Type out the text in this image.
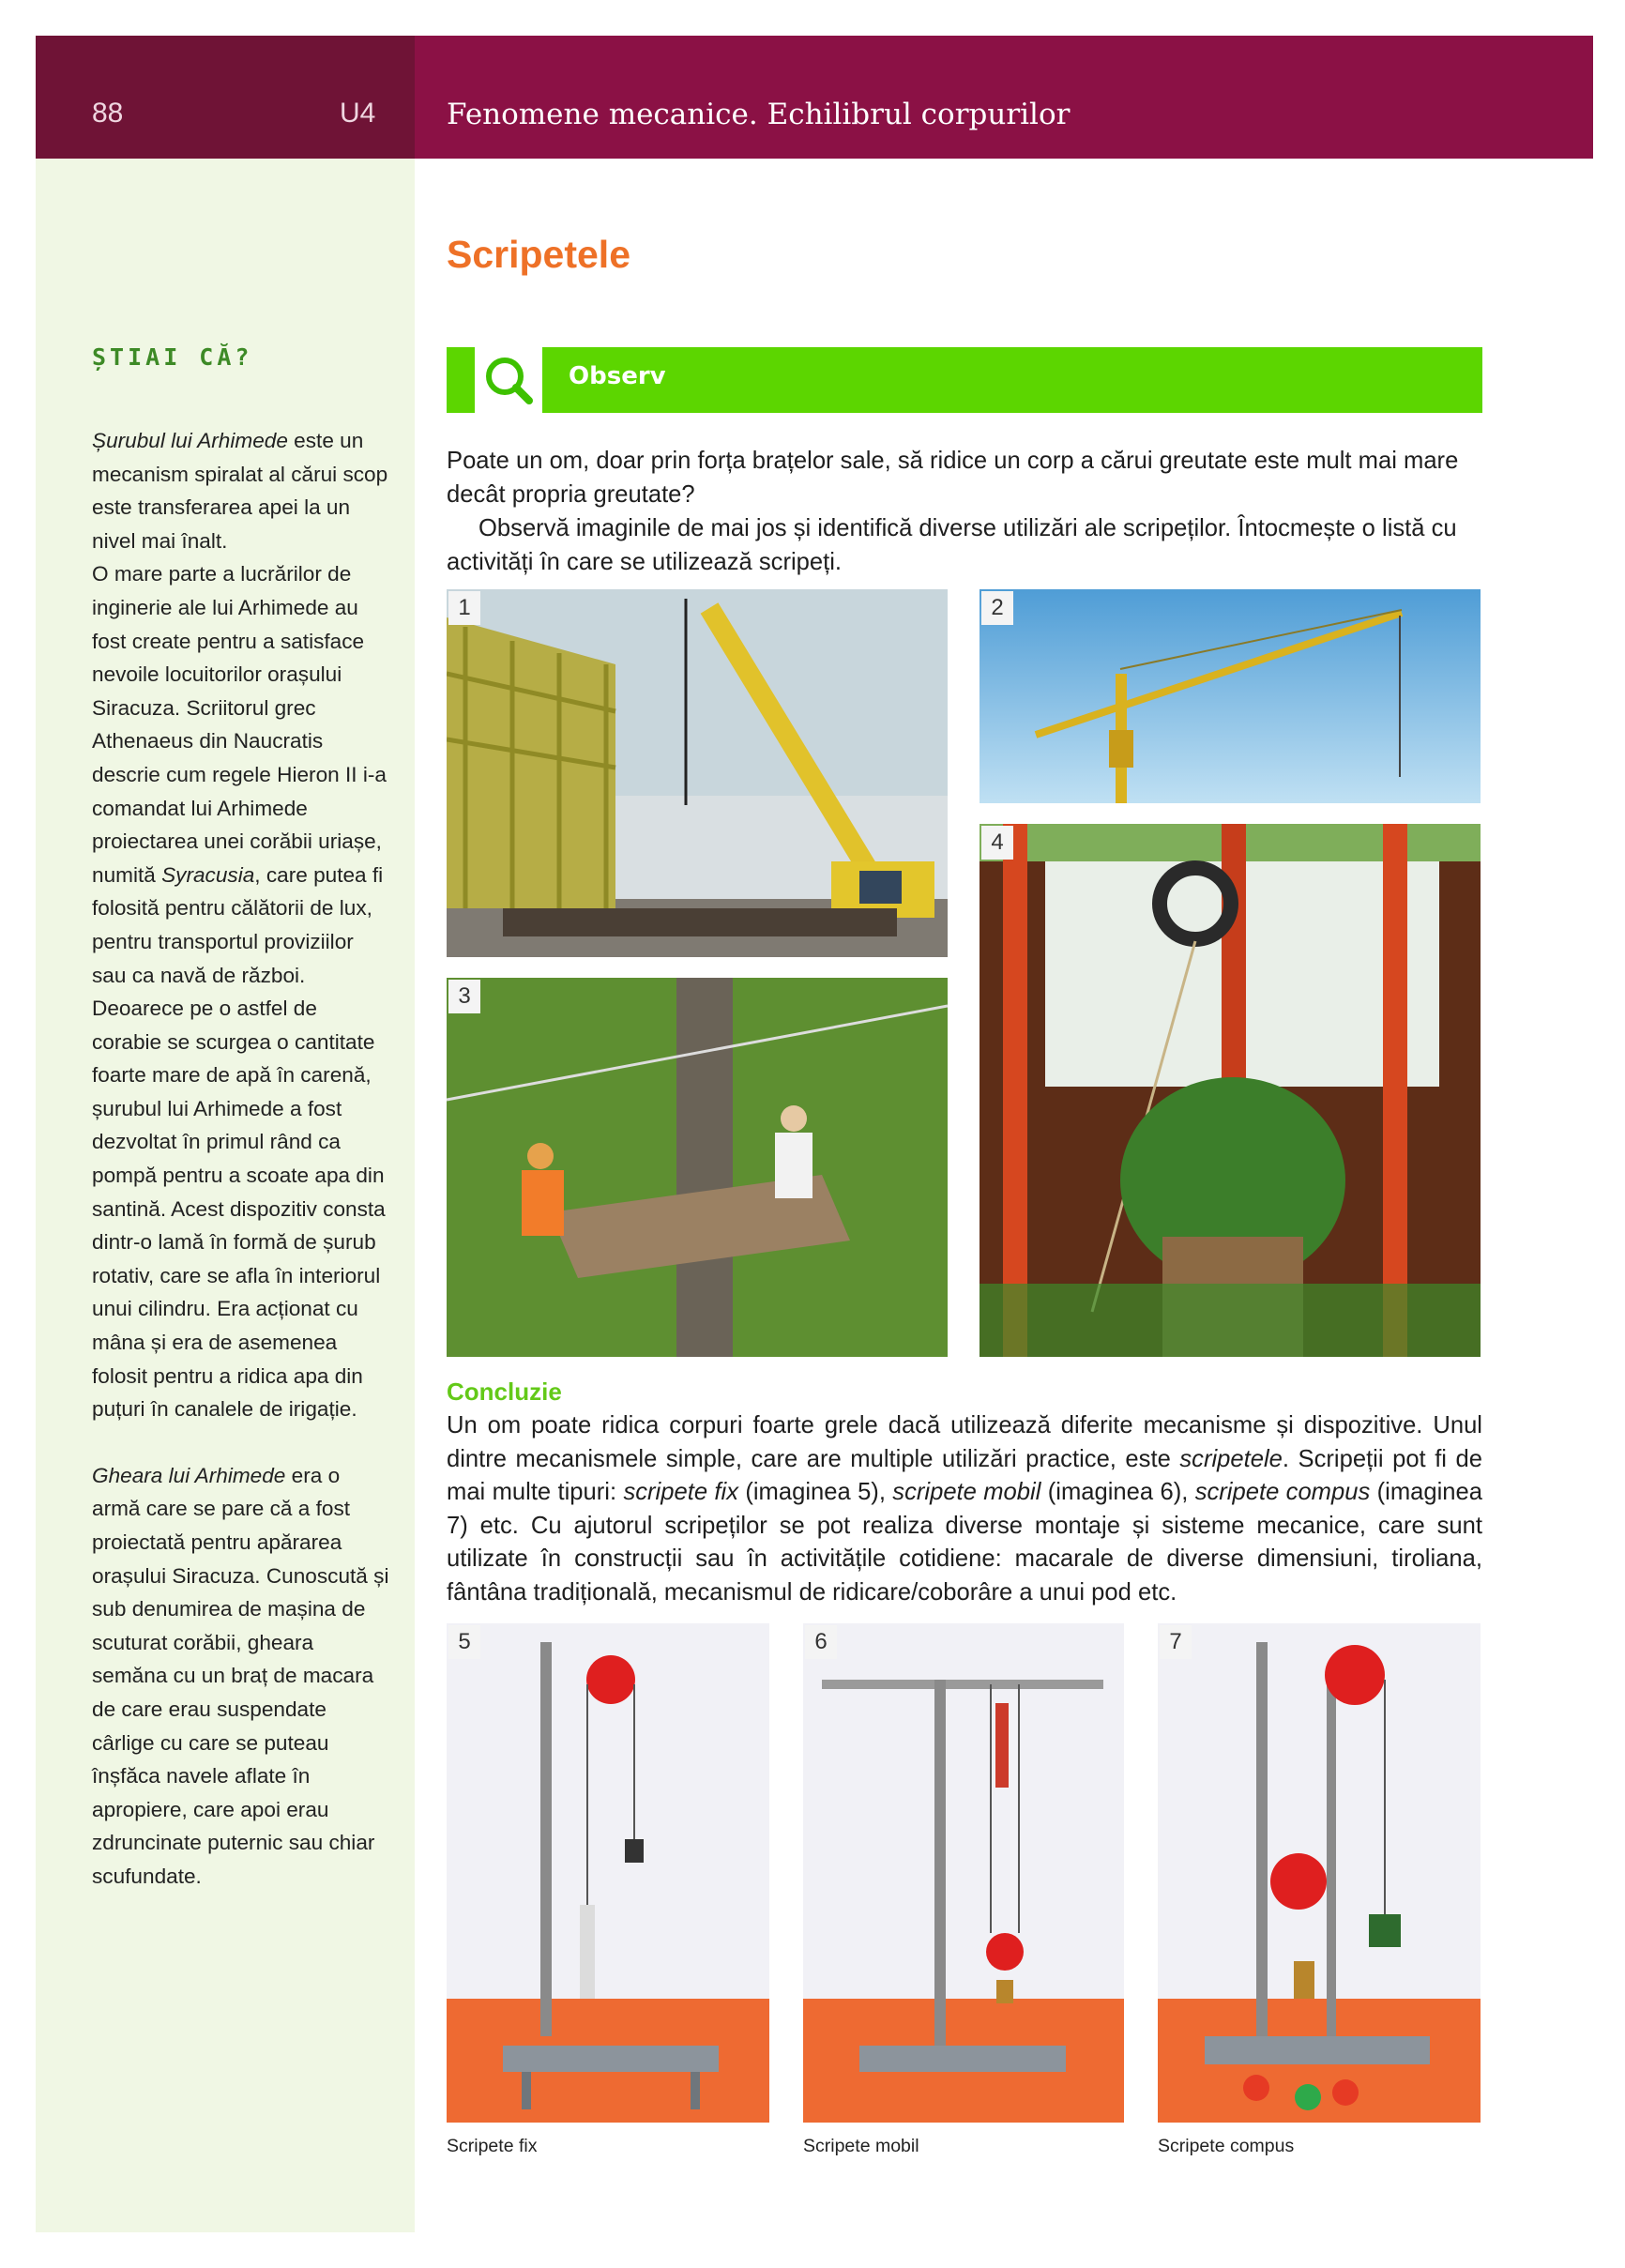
88	U4 Fenomene mecanice. Echilibrul corpurilor
ȘTIAI CĂ?

Șurubul lui Arhimede este un mecanism spiralat al cărui scop este transferarea apei la un nivel mai înalt.

O mare parte a lucrărilor de inginerie ale lui Arhimede au fost create pentru a satisface nevoile locuitorilor orașului Siracuza. Scriitorul grec Athenaeus din Naucratis descrie cum regele Hieron II i-a comandat lui Arhimede proiectarea unei corăbii uriașe, numită Syracusia, care putea fi folosită pentru călătorii de lux, pentru transportul proviziilor sau ca navă de război. Deoarece pe o astfel de corabie se scurgea o cantitate foarte mare de apă în carenă, șurubul lui Arhimede a fost dezvoltat în primul rând ca pompă pentru a scoate apa din santină. Acest dispozitiv consta dintr-o lamă în formă de șurub rotativ, care se afla în interiorul unui cilindru. Era acționat cu mâna și era de asemenea folosit pentru a ridica apa din puțuri în canalele de irigație.

Gheara lui Arhimede era o armă care se pare că a fost proiectată pentru apărarea orașului Siracuza. Cunoscută și sub denumirea de mașina de scuturat corăbii, gheara semăna cu un braț de macara de care erau suspendate cârlige cu care se puteau înșfăca navele aflate în apropiere, care apoi erau zdruncinate puternic sau chiar scufundate.

Scripetele
Observ

Poate un om, doar prin forța brațelor sale, să ridice un corp a cărui greutate este mult mai mare decât propria greutate?

Observă imaginile de mai jos și identifică diverse utilizări ale scripeților. Întocmește o listă cu activități în care se utilizează scripeți.

1	2
3
4
Concluzie

Un om poate ridica corpuri foarte grele dacă utilizează diferite mecanisme și dispozitive. Unul dintre mecanismele simple, care are multiple utilizări practice, este scripetele. Scripeții pot fi de mai multe tipuri: scripete fix (imaginea 5), scripete mobil (imaginea 6), scripete compus (imaginea 7) etc. Cu ajutorul scripeților se pot realiza diverse montaje și sisteme mecanice, care sunt utilizate în construcții sau în activitățile cotidiene: macarale de diverse dimensiuni, tiroliana, fântâna tradițională, mecanismul de ridicare/coborâre a unui pod etc.

5	6	7
Scripete fix	Scripete mobil	Scripete compus
